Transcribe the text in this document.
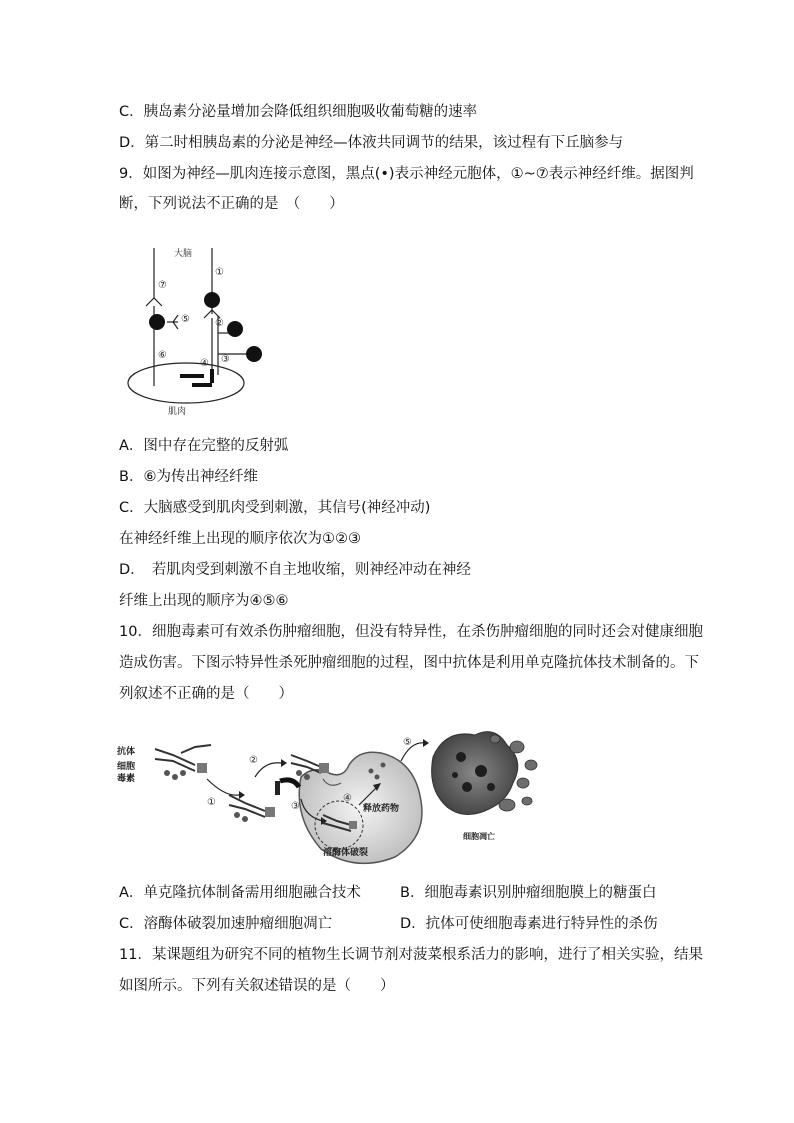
C．胰岛素分泌量增加会降低组织细胞吸收葡萄糖的速率
D．第二时相胰岛素的分泌是神经—体液共同调节的结果，该过程有下丘脑参与
9．如图为神经—肌肉连接示意图，黑点(•)表示神经元胞体，①~⑦表示神经纤维。据图判
断，下列说法不正确的是　（　　）
大脑
肌肉
①
⑦
⑤	②
⑥
④ ③
A．图中存在完整的反射弧
B．⑥为传出神经纤维
C．大脑感受到肌肉受到刺激，其信号(神经冲动)
在神经纤维上出现的顺序依次为①②③
D．　若肌肉受到刺激不自主地收缩，则神经冲动在神经
纤维上出现的顺序为④⑤⑥
10．细胞毒素可有效杀伤肿瘤细胞，但没有特异性，在杀伤肿瘤细胞的同时还会对健康细胞
造成伤害。下图示特异性杀死肿瘤细胞的过程，图中抗体是利用单克隆抗体技术制备的。下
列叙述不正确的是（　　）
抗体
细胞
毒素
①
②
③
溶酶体破裂
④
释放药物
⑤
细胞凋亡
A．单克隆抗体制备需用细胞融合技术	B．细胞毒素识别肿瘤细胞膜上的糖蛋白
C．溶酶体破裂加速肿瘤细胞凋亡	D．抗体可使细胞毒素进行特异性的杀伤
11．某课题组为研究不同的植物生长调节剂对菠菜根系活力的影响，进行了相关实验，结果
如图所示。下列有关叙述错误的是（　　）
